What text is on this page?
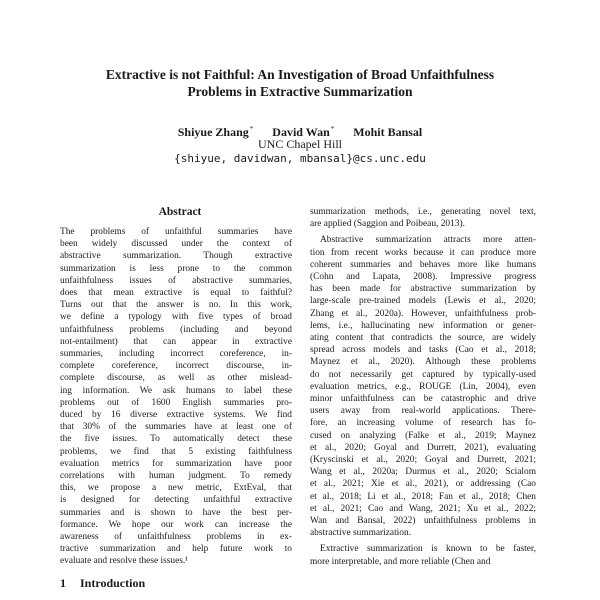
Extractive is not Faithful: An Investigation of Broad Unfaithfulness
Problems in Extractive Summarization
Shiyue Zhang* David Wan* Mohit Bansal
UNC Chapel Hill
{shiyue, davidwan, mbansal}@cs.unc.edu
Abstract
The problems of unfaithful summaries have
been widely discussed under the context of
abstractive summarization. Though extractive
summarization is less prone to the common
unfaithfulness issues of abstractive summaries,
does that mean extractive is equal to faithful?
Turns out that the answer is no. In this work,
we define a typology with five types of broad
unfaithfulness problems (including and beyond
not-entailment) that can appear in extractive
summaries, including incorrect coreference, in-
complete coreference, incorrect discourse, in-
complete discourse, as well as other mislead-
ing information. We ask humans to label these
problems out of 1600 English summaries pro-
duced by 16 diverse extractive systems. We find
that 30% of the summaries have at least one of
the five issues. To automatically detect these
problems, we find that 5 existing faithfulness
evaluation metrics for summarization have poor
correlations with human judgment. To remedy
this, we propose a new metric, ExtEval, that
is designed for detecting unfaithful extractive
summaries and is shown to have the best per-
formance. We hope our work can increase the
awareness of unfaithfulness problems in ex-
tractive summarization and help future work to
evaluate and resolve these issues.¹
1 Introduction
summarization methods, i.e., generating novel text,
are applied (Saggion and Poibeau, 2013).
Abstractive summarization attracts more atten-
tion from recent works because it can produce more
coherent summaries and behaves more like humans
(Cohn and Lapata, 2008). Impressive progress
has been made for abstractive summarization by
large-scale pre-trained models (Lewis et al., 2020;
Zhang et al., 2020a). However, unfaithfulness prob-
lems, i.e., hallucinating new information or gener-
ating content that contradicts the source, are widely
spread across models and tasks (Cao et al., 2018;
Maynez et al., 2020). Although these problems
do not necessarily get captured by typically-used
evaluation metrics, e.g., ROUGE (Lin, 2004), even
minor unfaithfulness can be catastrophic and drive
users away from real-world applications. There-
fore, an increasing volume of research has fo-
cused on analyzing (Falke et al., 2019; Maynez
et al., 2020; Goyal and Durrett, 2021), evaluating
(Kryscinski et al., 2020; Goyal and Durrett, 2021;
Wang et al., 2020a; Durmus et al., 2020; Scialom
et al., 2021; Xie et al., 2021), or addressing (Cao
et al., 2018; Li et al., 2018; Fan et al., 2018; Chen
et al., 2021; Cao and Wang, 2021; Xu et al., 2022;
Wan and Bansal, 2022) unfaithfulness problems in
abstractive summarization.
Extractive summarization is known to be faster,
more interpretable, and more reliable (Chen and
